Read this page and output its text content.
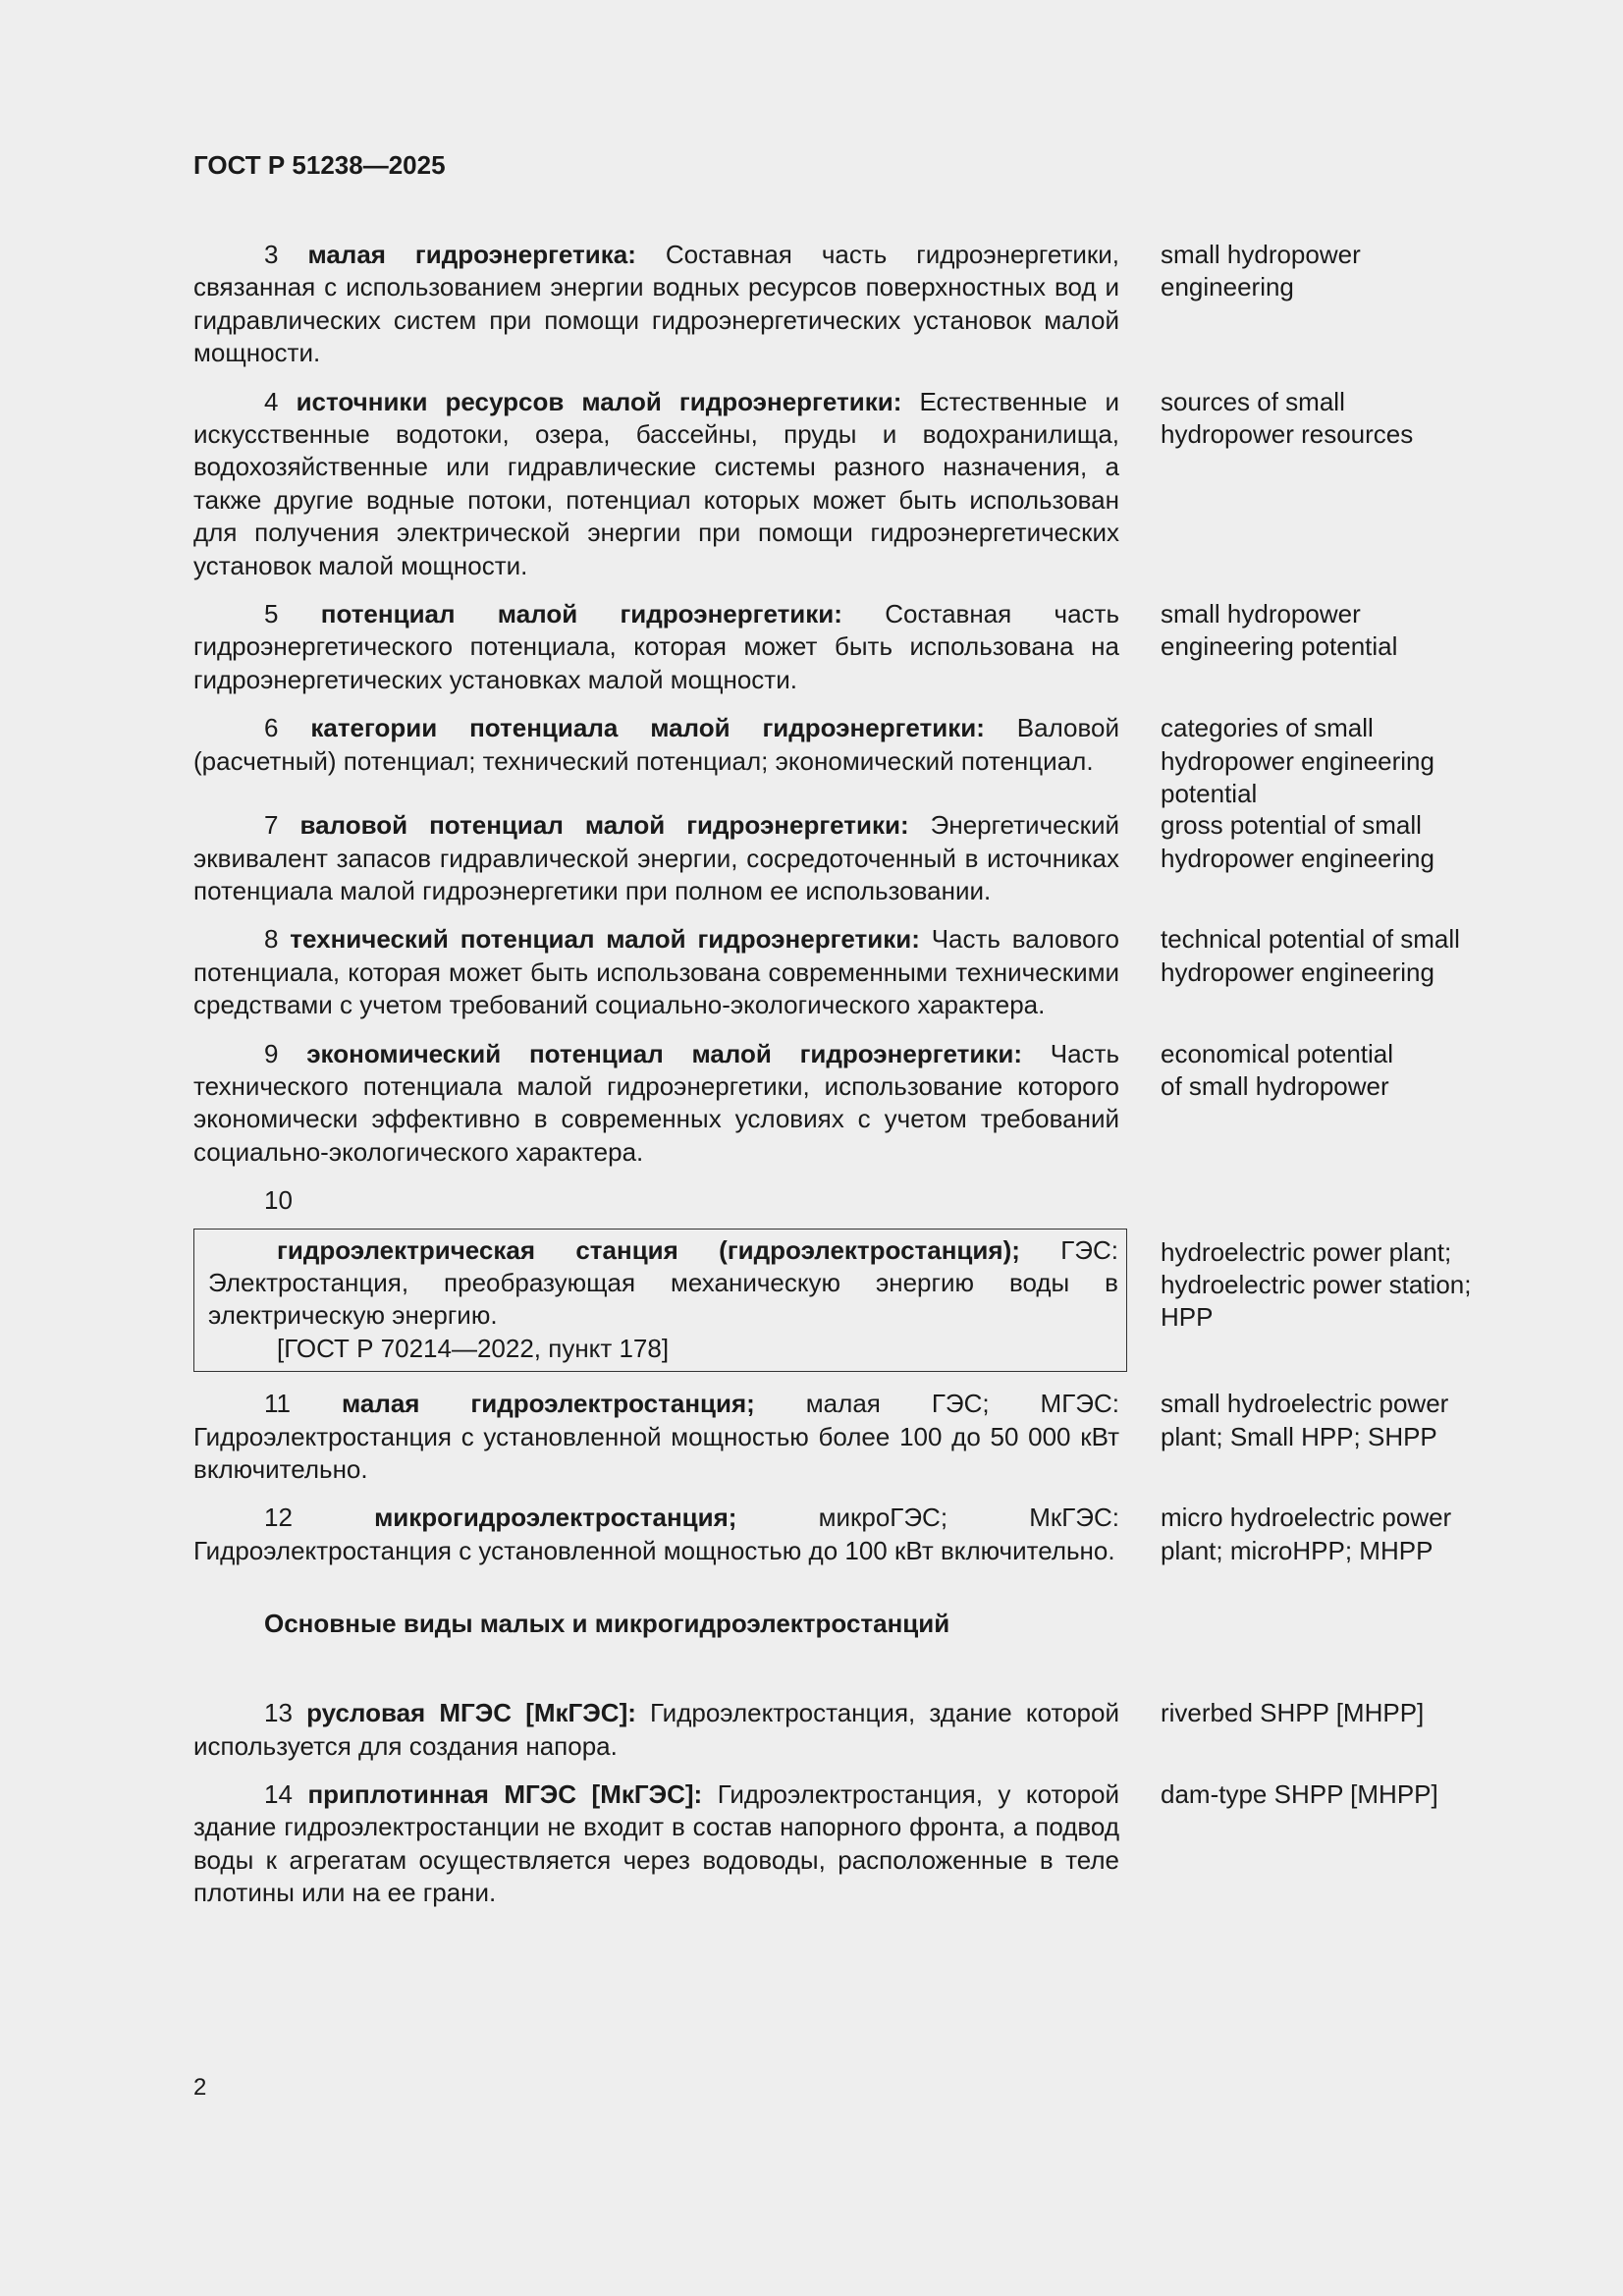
ГОСТ Р 51238—2025

3 малая гидроэнергетика: Составная часть гидроэнергетики, связанная с использованием энергии водных ресурсов поверхностных вод и гидравлических систем при помощи гидроэнергетических установок малой мощности.

small hydropower
engineering

4 источники ресурсов малой гидроэнергетики: Естественные и искусственные водотоки, озера, бассейны, пруды и водохранилища, водохозяйственные или гидравлические системы разного назначения, а также другие водные потоки, потенциал которых может быть использован для получения электрической энергии при помощи гидроэнергетических установок малой мощности.

sources of small
hydropower resources

5 потенциал малой гидроэнергетики: Составная часть гидроэнергетического потенциала, которая может быть использована на гидроэнергетических установках малой мощности.

small hydropower
engineering potential

6 категории потенциала малой гидроэнергетики: Валовой (расчетный) потенциал; технический потенциал; экономический потенциал.

categories of small
hydropower engineering
potential

7 валовой потенциал малой гидроэнергетики: Энергетический эквивалент запасов гидравлической энергии, сосредоточенный в источниках потенциала малой гидроэнергетики при полном ее использовании.

gross potential of small
hydropower engineering

8 технический потенциал малой гидроэнергетики: Часть валового потенциала, которая может быть использована современными техническими средствами с учетом требований социально-экологического характера.

technical potential of small
hydropower engineering

9 экономический потенциал малой гидроэнергетики: Часть технического потенциала малой гидроэнергетики, использование которого экономически эффективно в современных условиях с учетом требований социально-экологического характера.

economical potential
of small hydropower

10

гидроэлектрическая станция (гидроэлектростанция); ГЭС: Электростанция, преобразующая механическую энергию воды в электрическую энергию.

[ГОСТ Р 70214—2022, пункт 178]

hydroelectric power plant;
hydroelectric power station;
HPP

11 малая гидроэлектростанция; малая ГЭС; МГЭС: Гидроэлектростанция с установленной мощностью более 100 до 50 000 кВт включительно.

small hydroelectric power
plant; Small HPP; SHPP

12	микрогидроэлектростанция; микроГЭС; МкГЭС: Гидроэлектростанция с установленной мощностью до 100 кВт включительно.

micro hydroelectric power
plant; microHPP; MHPP

Основные виды малых и микрогидроэлектростанций

13 русловая МГЭС [МкГЭС]: Гидроэлектростанция, здание которой используется для создания напора.

riverbed SHPP [MHPP]

14 приплотинная МГЭС [МкГЭС]: Гидроэлектростанция, у которой здание гидроэлектростанции не входит в состав напорного фронта, а подвод воды к агрегатам осуществляется через водоводы, расположенные в теле плотины или на ее грани.

dam-type SHPP [MHPP]

2
